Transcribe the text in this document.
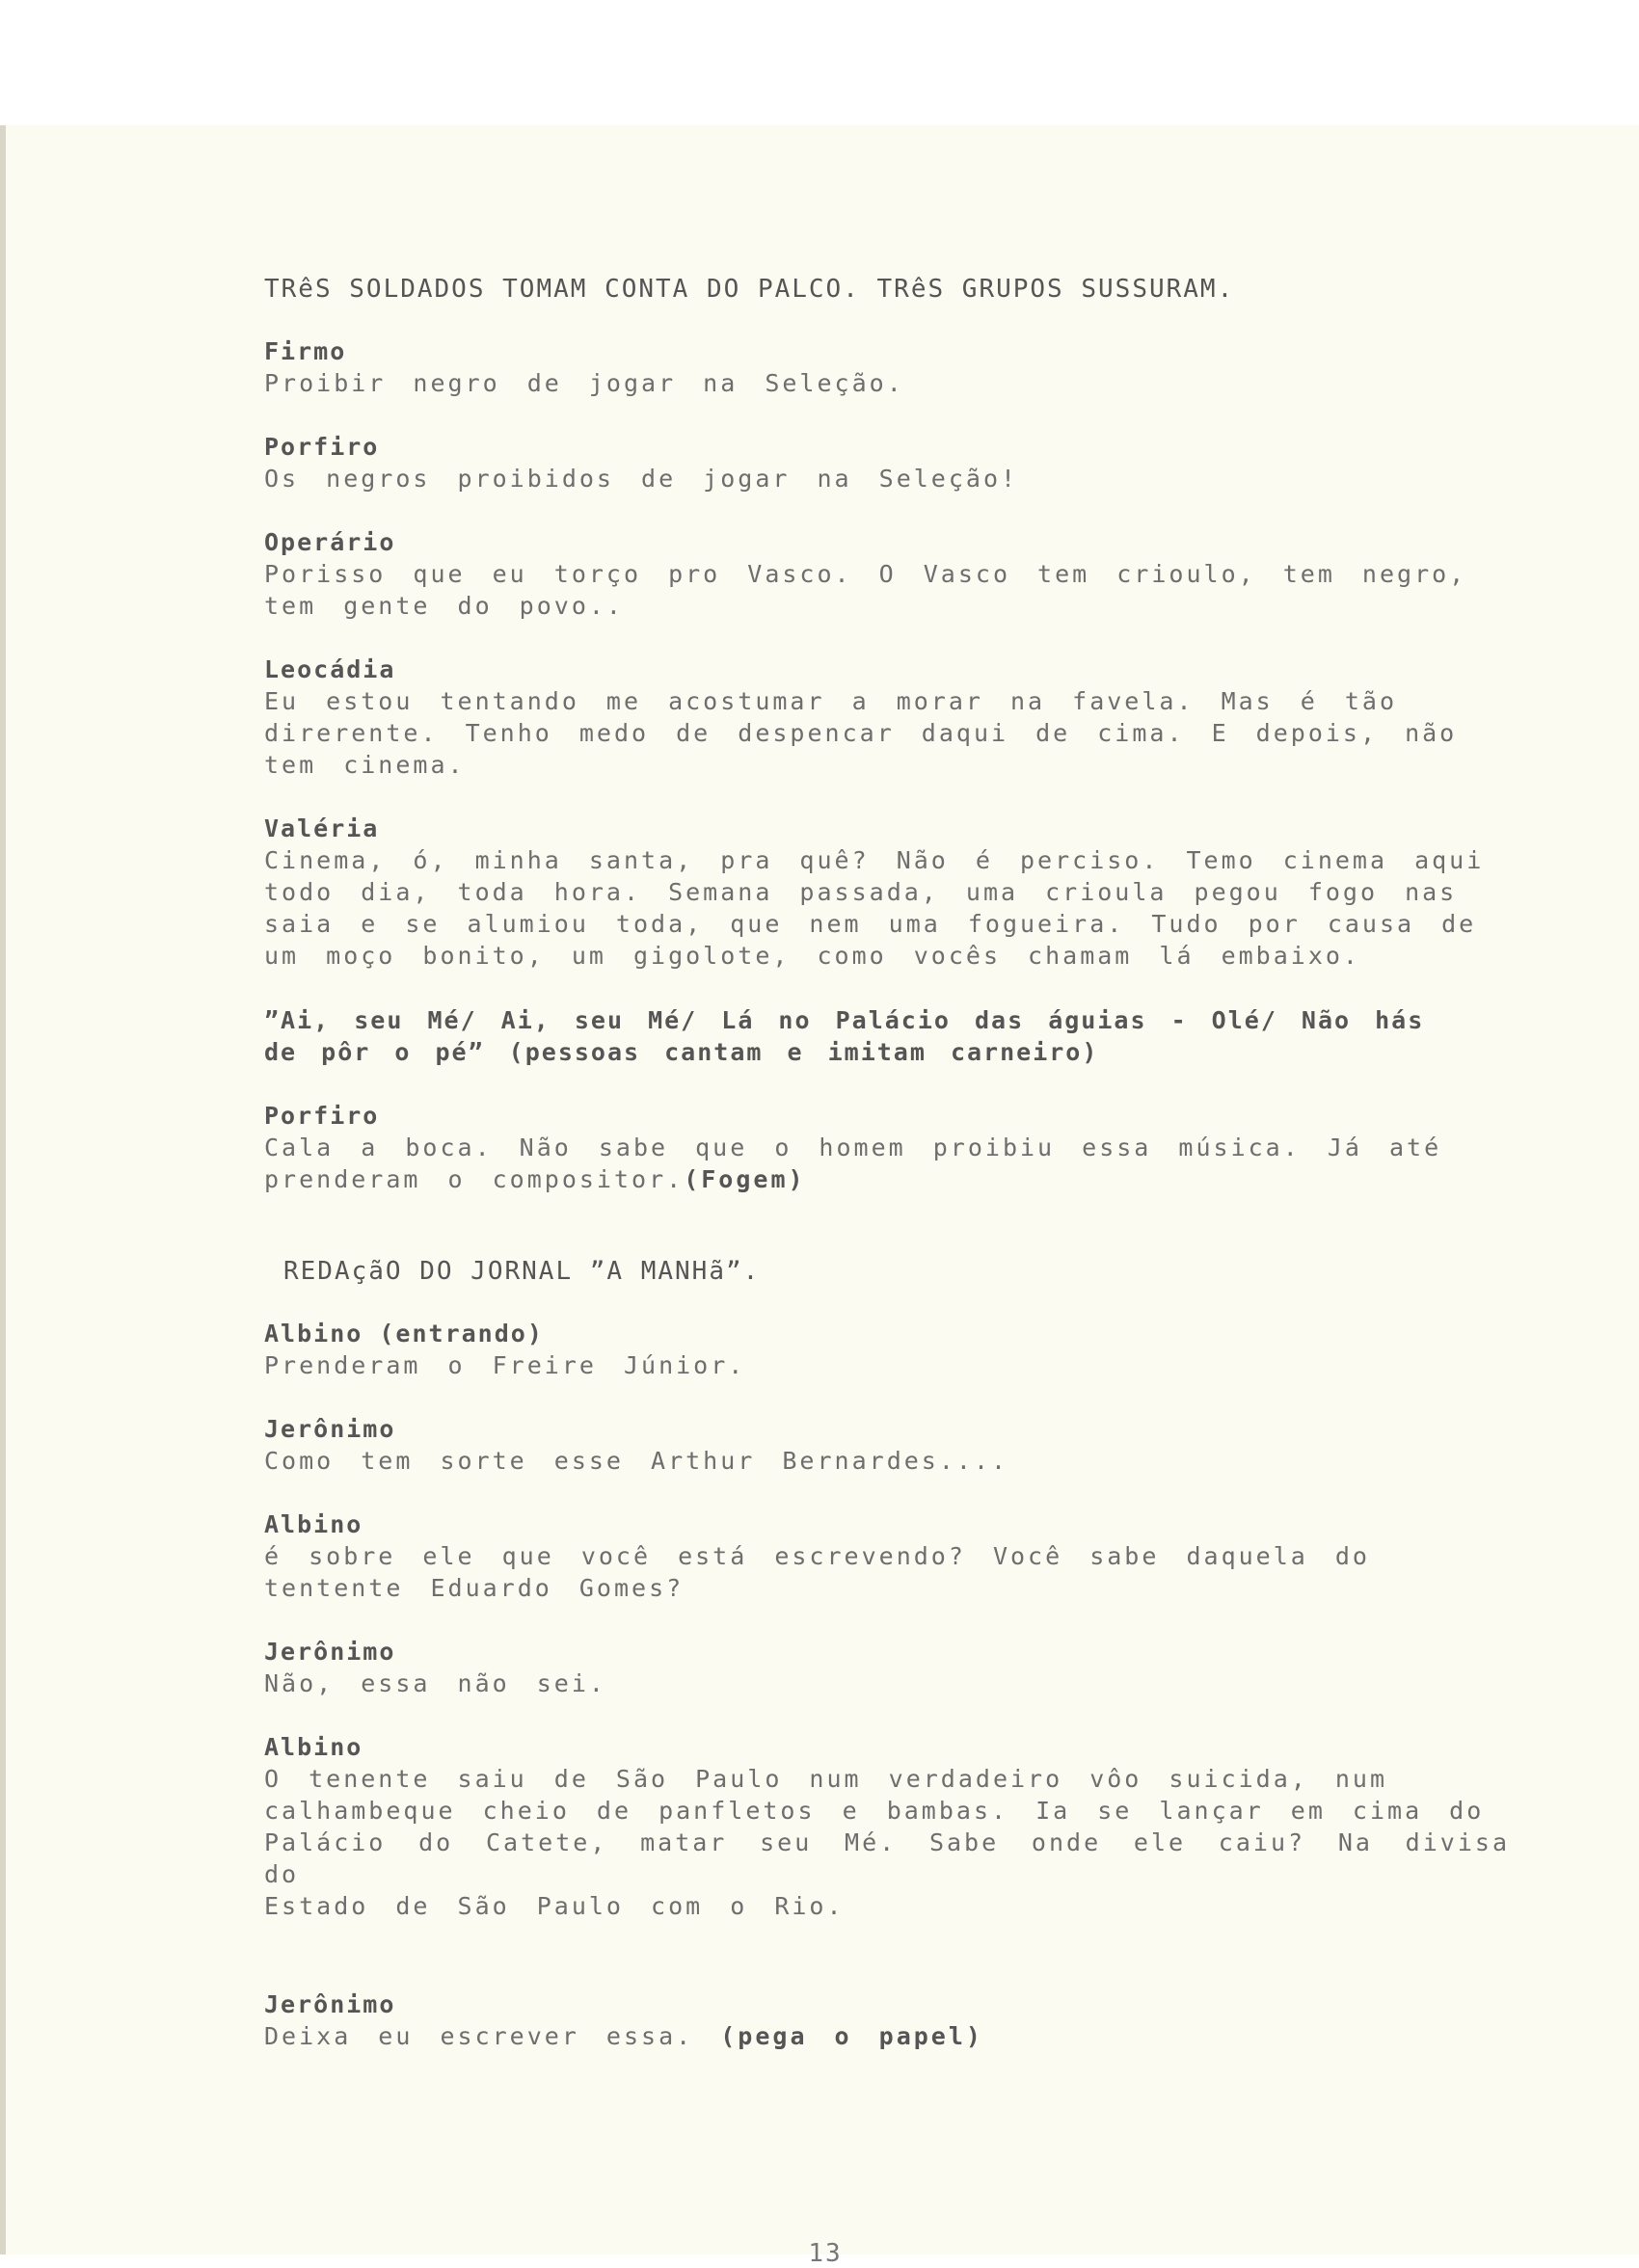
TRêS SOLDADOS TOMAM CONTA DO PALCO. TRêS GRUPOS SUSSURAM.

Firmo
Proibir negro de jogar na Seleção.
Porfiro
Os negros proibidos de jogar na Seleção!
Operário
Porisso que eu torço pro Vasco. O Vasco tem crioulo, tem negro,
tem gente do povo..
Leocádia
Eu estou tentando me acostumar a morar na favela. Mas é tão
direrente. Tenho medo de despencar daqui de cima. E depois, não
tem cinema.
Valéria
Cinema, ó, minha santa, pra quê? Não é perciso. Temo cinema aqui
todo dia, toda hora. Semana passada, uma crioula pegou fogo nas
saia e se alumiou toda, que nem uma fogueira. Tudo por causa de
um moço bonito, um gigolote, como vocês chamam lá embaixo.
”Ai, seu Mé/ Ai, seu Mé/ Lá no Palácio das águias - Olé/ Não hás
de pôr o pé” (pessoas cantam e imitam carneiro)
Porfiro
Cala a boca. Não sabe que o homem proibiu essa música. Já até
prenderam o compositor.(Fogem)
REDAçãO DO JORNAL ”A MANHã”.
Albino (entrando)
Prenderam o Freire Júnior.
Jerônimo
Como tem sorte esse Arthur Bernardes....
Albino
é sobre ele que você está escrevendo? Você sabe daquela do
tentente Eduardo Gomes?
Jerônimo
Não, essa não sei.
Albino
O tenente saiu de São Paulo num verdadeiro vôo suicida, num
calhambeque cheio de panfletos e bambas. Ia se lançar em cima do
Palácio do Catete, matar seu Mé. Sabe onde ele caiu? Na divisa do
Estado de São Paulo com o Rio.
Jerônimo
Deixa eu escrever essa. (pega o papel)
13
